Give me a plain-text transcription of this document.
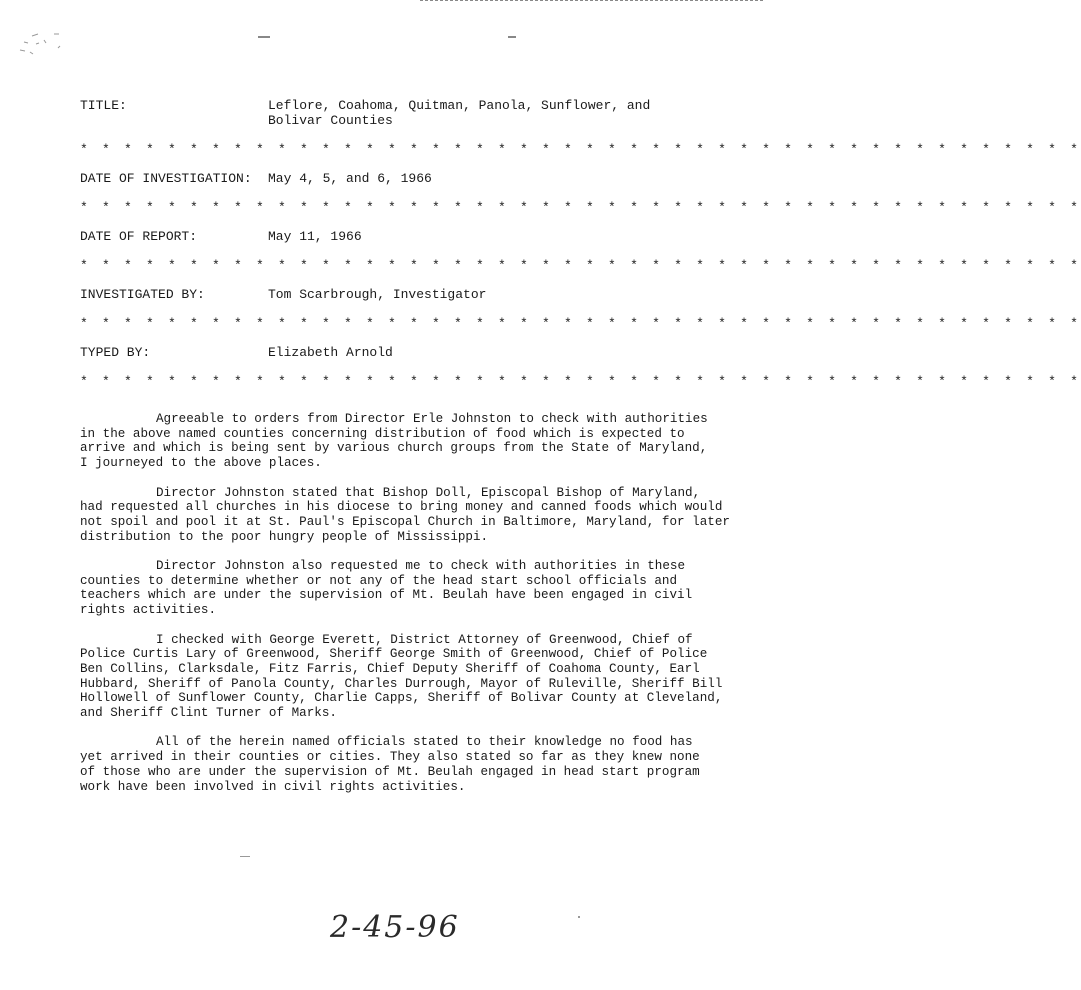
TITLE:	Leflore, Coahoma, Quitman, Panola, Sunflower, and
Bolivar Counties
* * * * * * * * * * * * * * * * * * * * * * * * * * * * * * * * * * * * * * * * * * * * * *
DATE OF INVESTIGATION:	May 4, 5, and 6, 1966
* * * * * * * * * * * * * * * * * * * * * * * * * * * * * * * * * * * * * * * * * * * * * *
DATE OF REPORT:	May 11, 1966
* * * * * * * * * * * * * * * * * * * * * * * * * * * * * * * * * * * * * * * * * * * * * *
INVESTIGATED BY:	Tom Scarbrough, Investigator
* * * * * * * * * * * * * * * * * * * * * * * * * * * * * * * * * * * * * * * * * * * * * *
TYPED BY:	Elizabeth Arnold
* * * * * * * * * * * * * * * * * * * * * * * * * * * * * * * * * * * * * * * * * * * * * *

Agreeable to orders from Director Erle Johnston to check with authorities
in the above named counties concerning distribution of food which is expected to
arrive and which is being sent by various church groups from the State of Maryland,
I journeyed to the above places.

Director Johnston stated that Bishop Doll, Episcopal Bishop of Maryland,
had requested all churches in his diocese to bring money and canned foods which would
not spoil and pool it at St. Paul's Episcopal Church in Baltimore, Maryland, for later
distribution to the poor hungry people of Mississippi.

Director Johnston also requested me to check with authorities in these
counties to determine whether or not any of the head start school officials and
teachers which are under the supervision of Mt. Beulah have been engaged in civil
rights activities.

I checked with George Everett, District Attorney of Greenwood, Chief of
Police Curtis Lary of Greenwood, Sheriff George Smith of Greenwood, Chief of Police
Ben Collins, Clarksdale, Fitz Farris, Chief Deputy Sheriff of Coahoma County, Earl
Hubbard, Sheriff of Panola County, Charles Durrough, Mayor of Ruleville, Sheriff Bill
Hollowell of Sunflower County, Charlie Capps, Sheriff of Bolivar County at Cleveland,
and Sheriff Clint Turner of Marks.

All of the herein named officials stated to their knowledge no food has
yet arrived in their counties or cities. They also stated so far as they knew none
of those who are under the supervision of Mt. Beulah engaged in head start program
work have been involved in civil rights activities.

2-45-96
